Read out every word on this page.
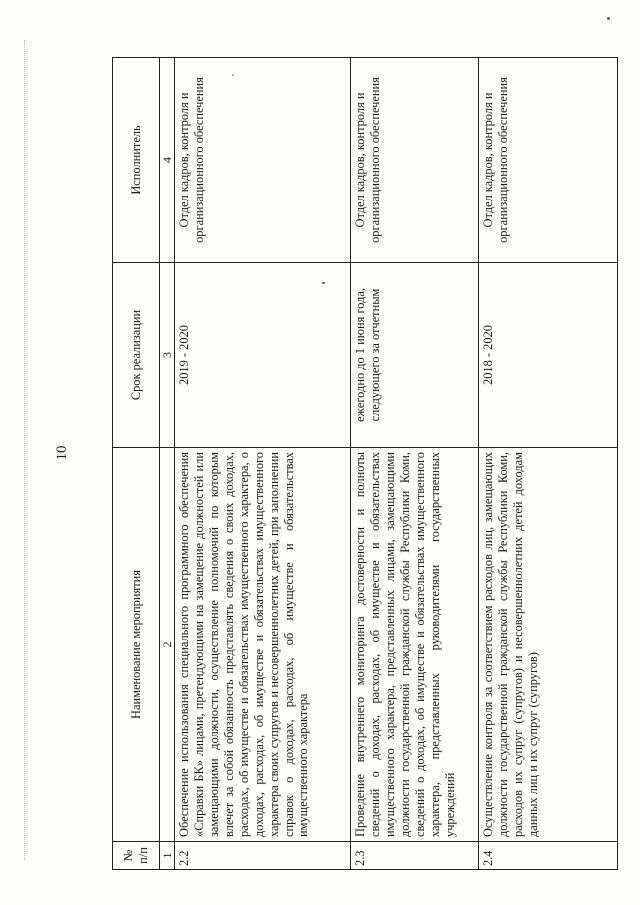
10
№ п/п	Наименование мероприятия	Срок реализации	Исполнитель
1	2	3	4
2.2	Обеспечение использования специального программного обеспечения «Справки БК» лицами, претендующими на замещение должностей или замещающими должности, осуществление полномочий по которым влечет за собой обязанность представлять сведения о своих доходах, расходах, об имуществе и обязательствах имущественного характера, о доходах, расходах, об имуществе и обязательствах имущественного характера своих супругов и несовершеннолетних детей, при заполнении справок о доходах, расходах, об имуществе и обязательствах имущественного характера	2019 - 2020	Отдел кадров, контроля и организационного обеспечения
2.3	Проведение внутреннего мониторинга достоверности и полноты сведений о доходах, расходах, об имуществе и обязательствах имущественного характера, представленных лицами, замещающими должности государственной гражданской службы Республики Коми, сведений о доходах, об имуществе и обязательствах имущественного характера, представленных руководителями государственных учреждений	ежегодно до 1 июня года, следующего за отчетным	Отдел кадров, контроля и организационного обеспечения
2.4	Осуществление контроля за соответствием расходов лиц, замещающих должности государственной гражданской службы Республики Коми, расходов их супруг (супругов) и несовершеннолетних детей доходам данных лиц и их супруг (супругов)	2018 - 2020	Отдел кадров, контроля и организационного обеспечения
